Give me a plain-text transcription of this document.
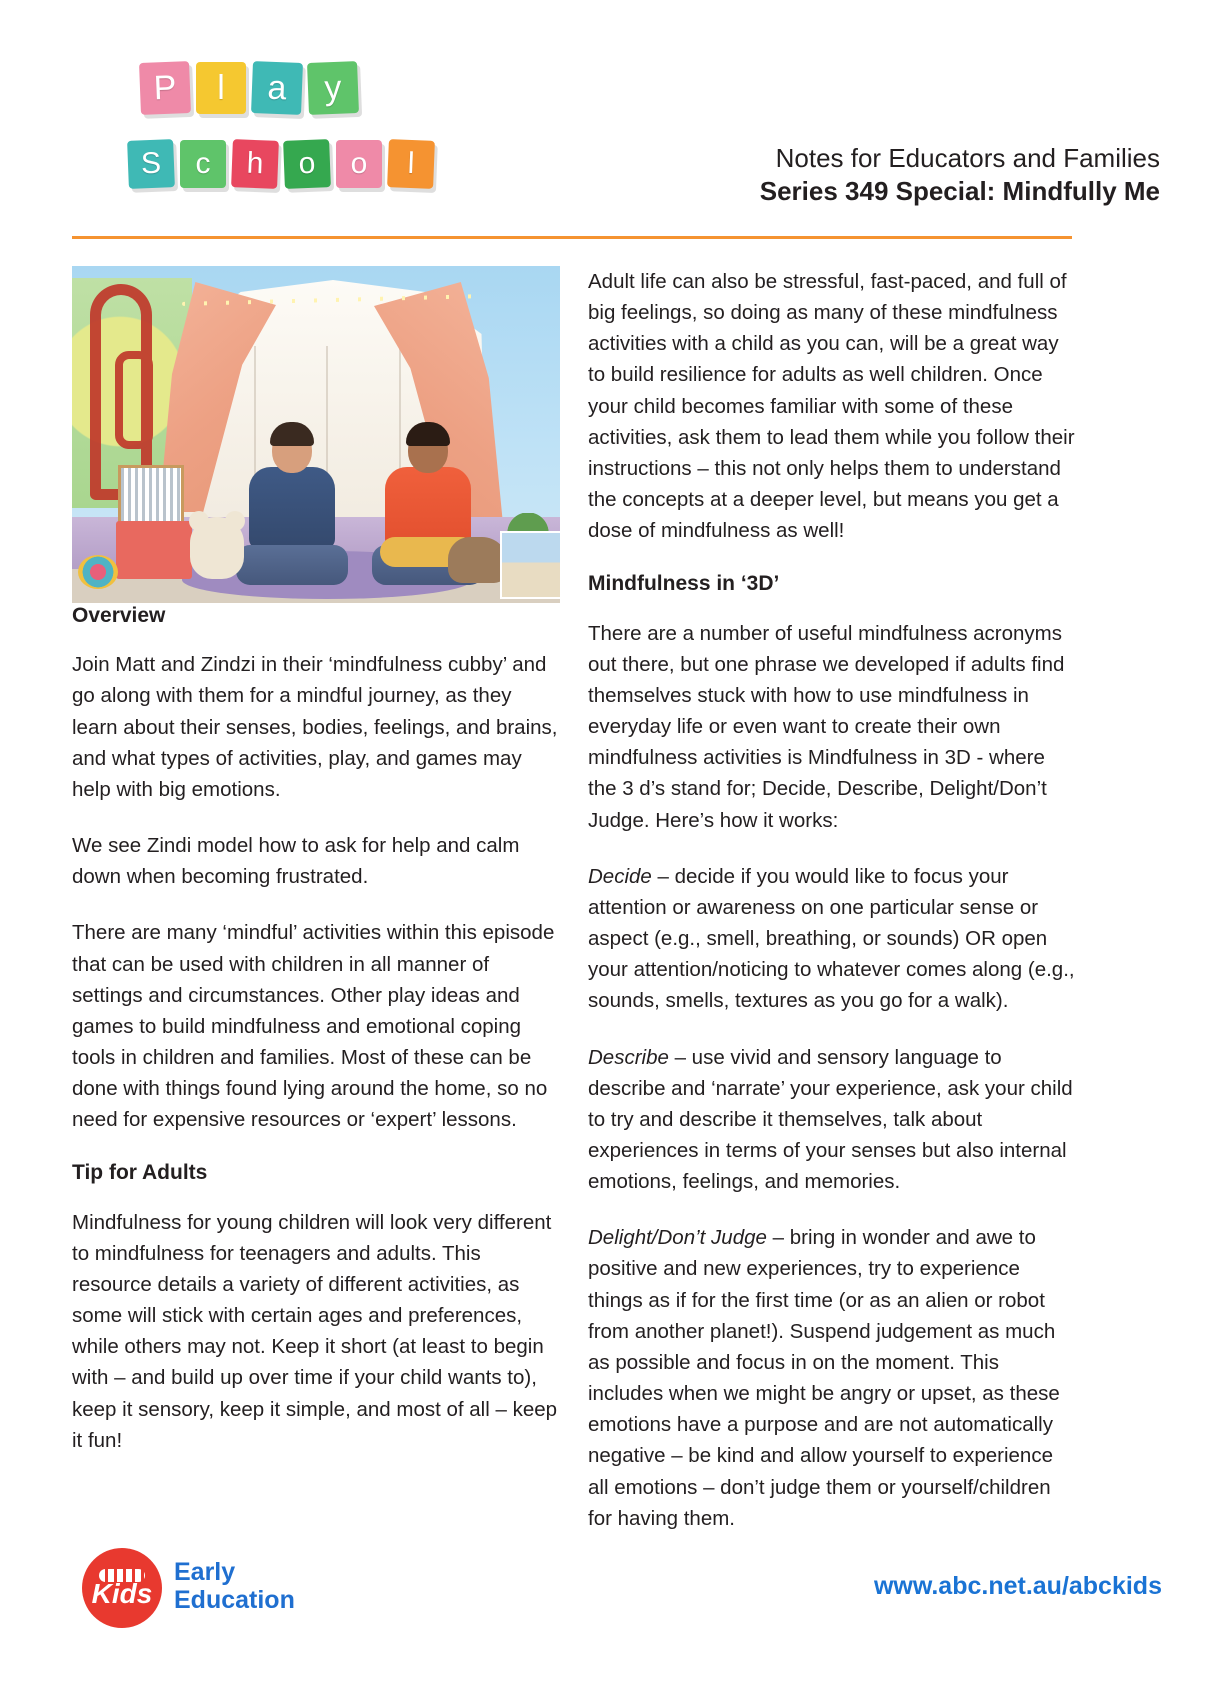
P	l	a	y
S	c	h	o	o	l	Notes for Educators and Families
Series 349 Special: Mindfully Me
Overview

Join Matt and Zindzi in their ‘mindfulness cubby’ and go along with them for a mindful journey, as they learn about their senses, bodies, feelings, and brains, and what types of activities, play, and games may help with big emotions.

We see Zindi model how to ask for help and calm down when becoming frustrated.

There are many ‘mindful’ activities within this episode that can be used with children in all manner of settings and circumstances. Other play ideas and games to build mindfulness and emotional coping tools in children and families. Most of these can be done with things found lying around the home, so no need for expensive resources or ‘expert’ lessons.

Tip for Adults

Mindfulness for young children will look very different to mindfulness for teenagers and adults. This resource details a variety of different activities, as some will stick with certain ages and preferences, while others may not. Keep it short (at least to begin with – and build up over time if your child wants to), keep it sensory, keep it simple, and most of all – keep it fun!

Adult life can also be stressful, fast-paced, and full of big feelings, so doing as many of these mindfulness activities with a child as you can, will be a great way to build resilience for adults as well children. Once your child becomes familiar with some of these activities, ask them to lead them while you follow their instructions – this not only helps them to understand the concepts at a deeper level, but means you get a dose of mindfulness as well!

Mindfulness in ‘3D’

There are a number of useful mindfulness acronyms out there, but one phrase we developed if adults find themselves stuck with how to use mindfulness in everyday life or even want to create their own mindfulness activities is Mindfulness in 3D - where the 3 d’s stand for; Decide, Describe, Delight/Don’t Judge. Here’s how it works:

Decide – decide if you would like to focus your attention or awareness on one particular sense or aspect (e.g., smell, breathing, or sounds) OR open your attention/noticing to whatever comes along (e.g., sounds, smells, textures as you go for a walk).

Describe – use vivid and sensory language to describe and ‘narrate’ your experience, ask your child to try and describe it themselves, talk about experiences in terms of your senses but also internal emotions, feelings, and memories.

Delight/Don’t Judge – bring in wonder and awe to positive and new experiences, try to experience things as if for the first time (or as an alien or robot from another planet!). Suspend judgement as much as possible and focus in on the moment. This includes when we might be angry or upset, as these emotions have a purpose and are not automatically negative – be kind and allow yourself to experience all emotions – don’t judge them or yourself/children for having them.

Kids
Early
Education	www.abc.net.au/abckids
